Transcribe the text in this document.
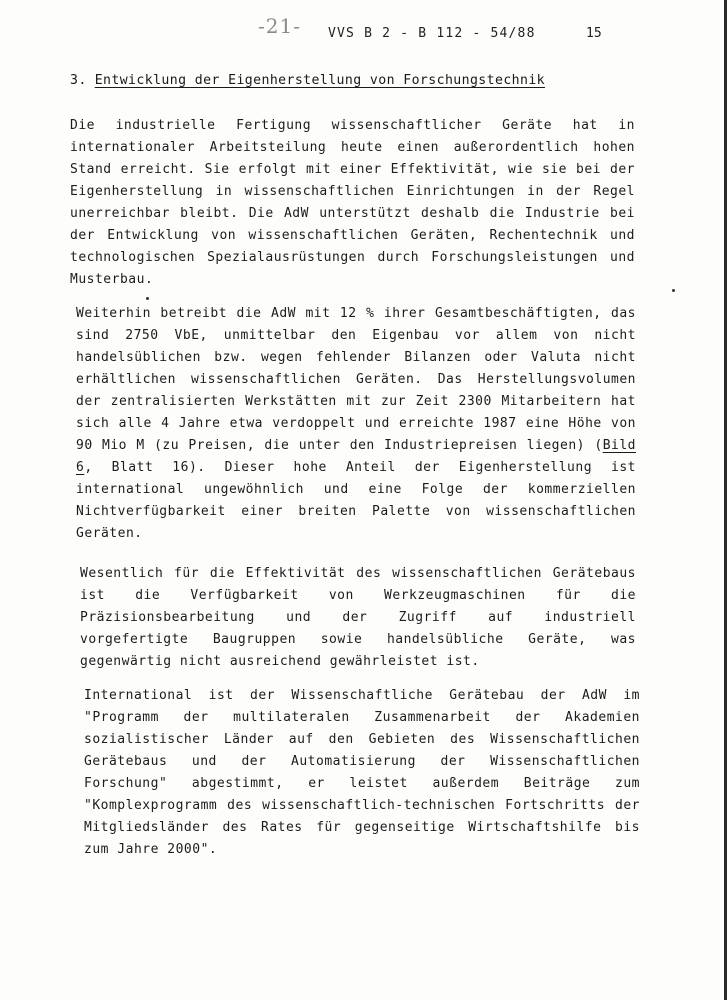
-21- VVS B 2 - B 112 - 54/88	15
3. Entwicklung der Eigenherstellung von Forschungstechnik
Die industrielle Fertigung wissenschaftlicher Geräte hat in internationaler Arbeitsteilung heute einen außerordentlich hohen Stand erreicht. Sie erfolgt mit einer Effektivität, wie sie bei der Eigenherstellung in wissenschaftlichen Einrichtungen in der Regel unerreichbar bleibt. Die AdW unterstützt deshalb die Industrie bei der Entwicklung von wissenschaftlichen Geräten, Rechentechnik und technologischen Spezialausrüstungen durch Forschungsleistungen und Musterbau.
Weiterhin betreibt die AdW mit 12 % ihrer Gesamtbeschäftigten, das sind 2750 VbE, unmittelbar den Eigenbau vor allem von nicht handelsüblichen bzw. wegen fehlender Bilanzen oder Valuta nicht erhältlichen wissenschaftlichen Geräten. Das Herstellungsvolumen der zentralisierten Werkstätten mit zur Zeit 2300 Mitarbeitern hat sich alle 4 Jahre etwa verdoppelt und erreichte 1987 eine Höhe von 90 Mio M (zu Preisen, die unter den Industriepreisen liegen) (Bild 6, Blatt 16). Dieser hohe Anteil der Eigenherstellung ist international ungewöhnlich und eine Folge der kommerziellen Nichtverfügbarkeit einer breiten Palette von wissenschaftlichen Geräten.
Wesentlich für die Effektivität des wissenschaftlichen Gerätebaus ist die Verfügbarkeit von Werkzeugmaschinen für die Präzisionsbearbeitung und der Zugriff auf industriell vorgefertigte Baugruppen sowie handelsübliche Geräte, was gegenwärtig nicht ausreichend gewährleistet ist.
International ist der Wissenschaftliche Gerätebau der AdW im "Programm der multilateralen Zusammenarbeit der Akademien sozialistischer Länder auf den Gebieten des Wissenschaftlichen Gerätebaus und der Automatisierung der Wissenschaftlichen Forschung" abgestimmt, er leistet außerdem Beiträge zum "Komplexprogramm des wissenschaftlich-technischen Fortschritts der Mitgliedsländer des Rates für gegenseitige Wirtschaftshilfe bis zum Jahre 2000".
